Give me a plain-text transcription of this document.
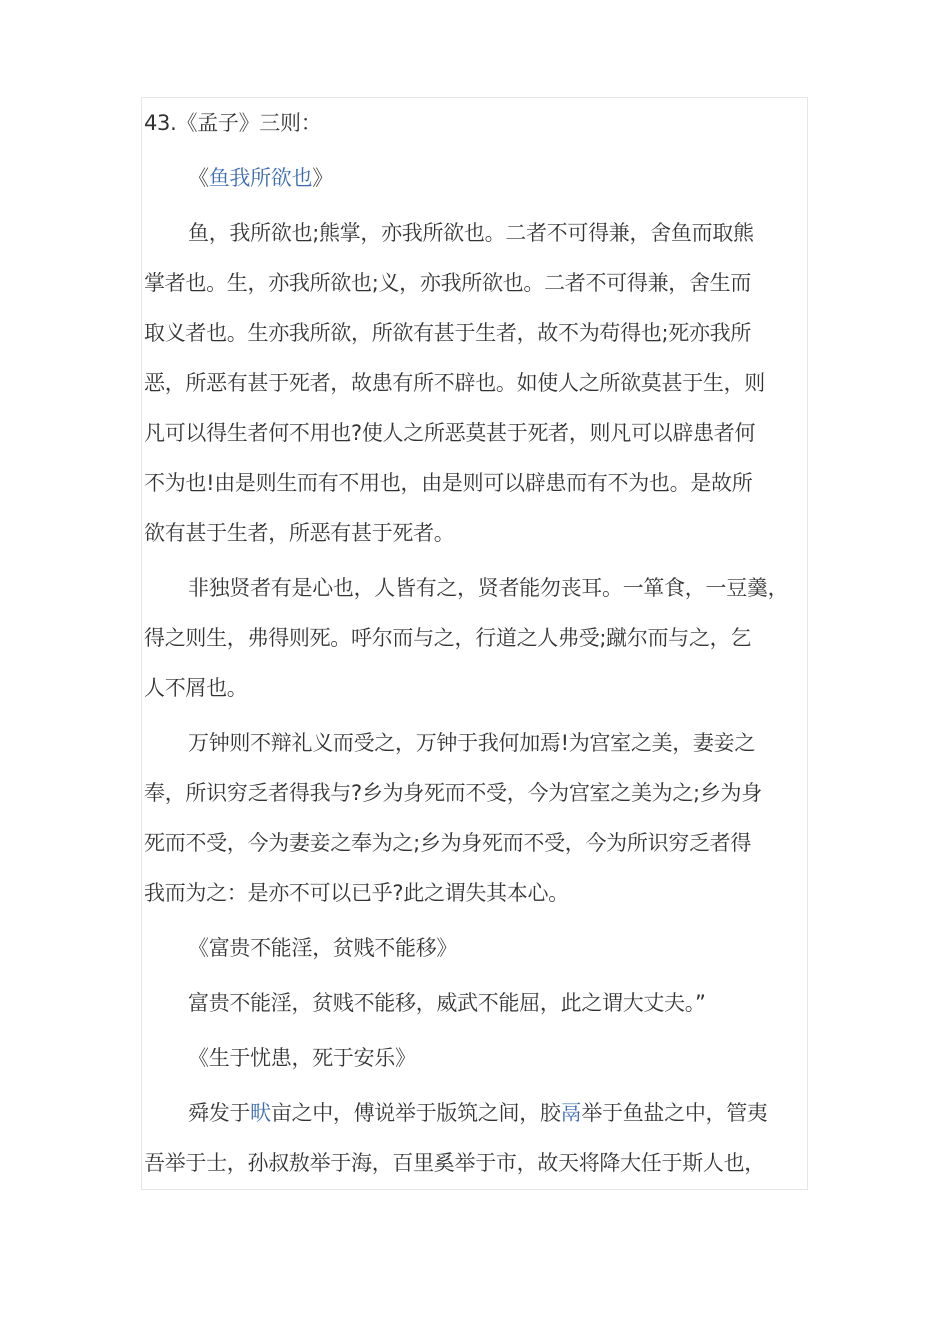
43.《孟子》三则：

《鱼我所欲也》

鱼，我所欲也;熊掌，亦我所欲也。二者不可得兼，舍鱼而取熊
掌者也。生，亦我所欲也;义，亦我所欲也。二者不可得兼，舍生而
取义者也。生亦我所欲，所欲有甚于生者，故不为苟得也;死亦我所
恶，所恶有甚于死者，故患有所不辟也。如使人之所欲莫甚于生，则
凡可以得生者何不用也?使人之所恶莫甚于死者，则凡可以辟患者何
不为也!由是则生而有不用也，由是则可以辟患而有不为也。是故所
欲有甚于生者，所恶有甚于死者。

非独贤者有是心也，人皆有之，贤者能勿丧耳。一箪食，一豆羹，
得之则生，弗得则死。呼尔而与之，行道之人弗受;蹴尔而与之，乞
人不屑也。

万钟则不辩礼义而受之，万钟于我何加焉!为宫室之美，妻妾之
奉，所识穷乏者得我与?乡为身死而不受，今为宫室之美为之;乡为身
死而不受，今为妻妾之奉为之;乡为身死而不受，今为所识穷乏者得
我而为之：是亦不可以已乎?此之谓失其本心。

《富贵不能淫，贫贱不能移》

富贵不能淫，贫贱不能移，威武不能屈，此之谓大丈夫。”

《生于忧患，死于安乐》

舜发于畎亩之中，傅说举于版筑之间，胶鬲举于鱼盐之中，管夷
吾举于士，孙叔敖举于海，百里奚举于市，故天将降大任于斯人也，
